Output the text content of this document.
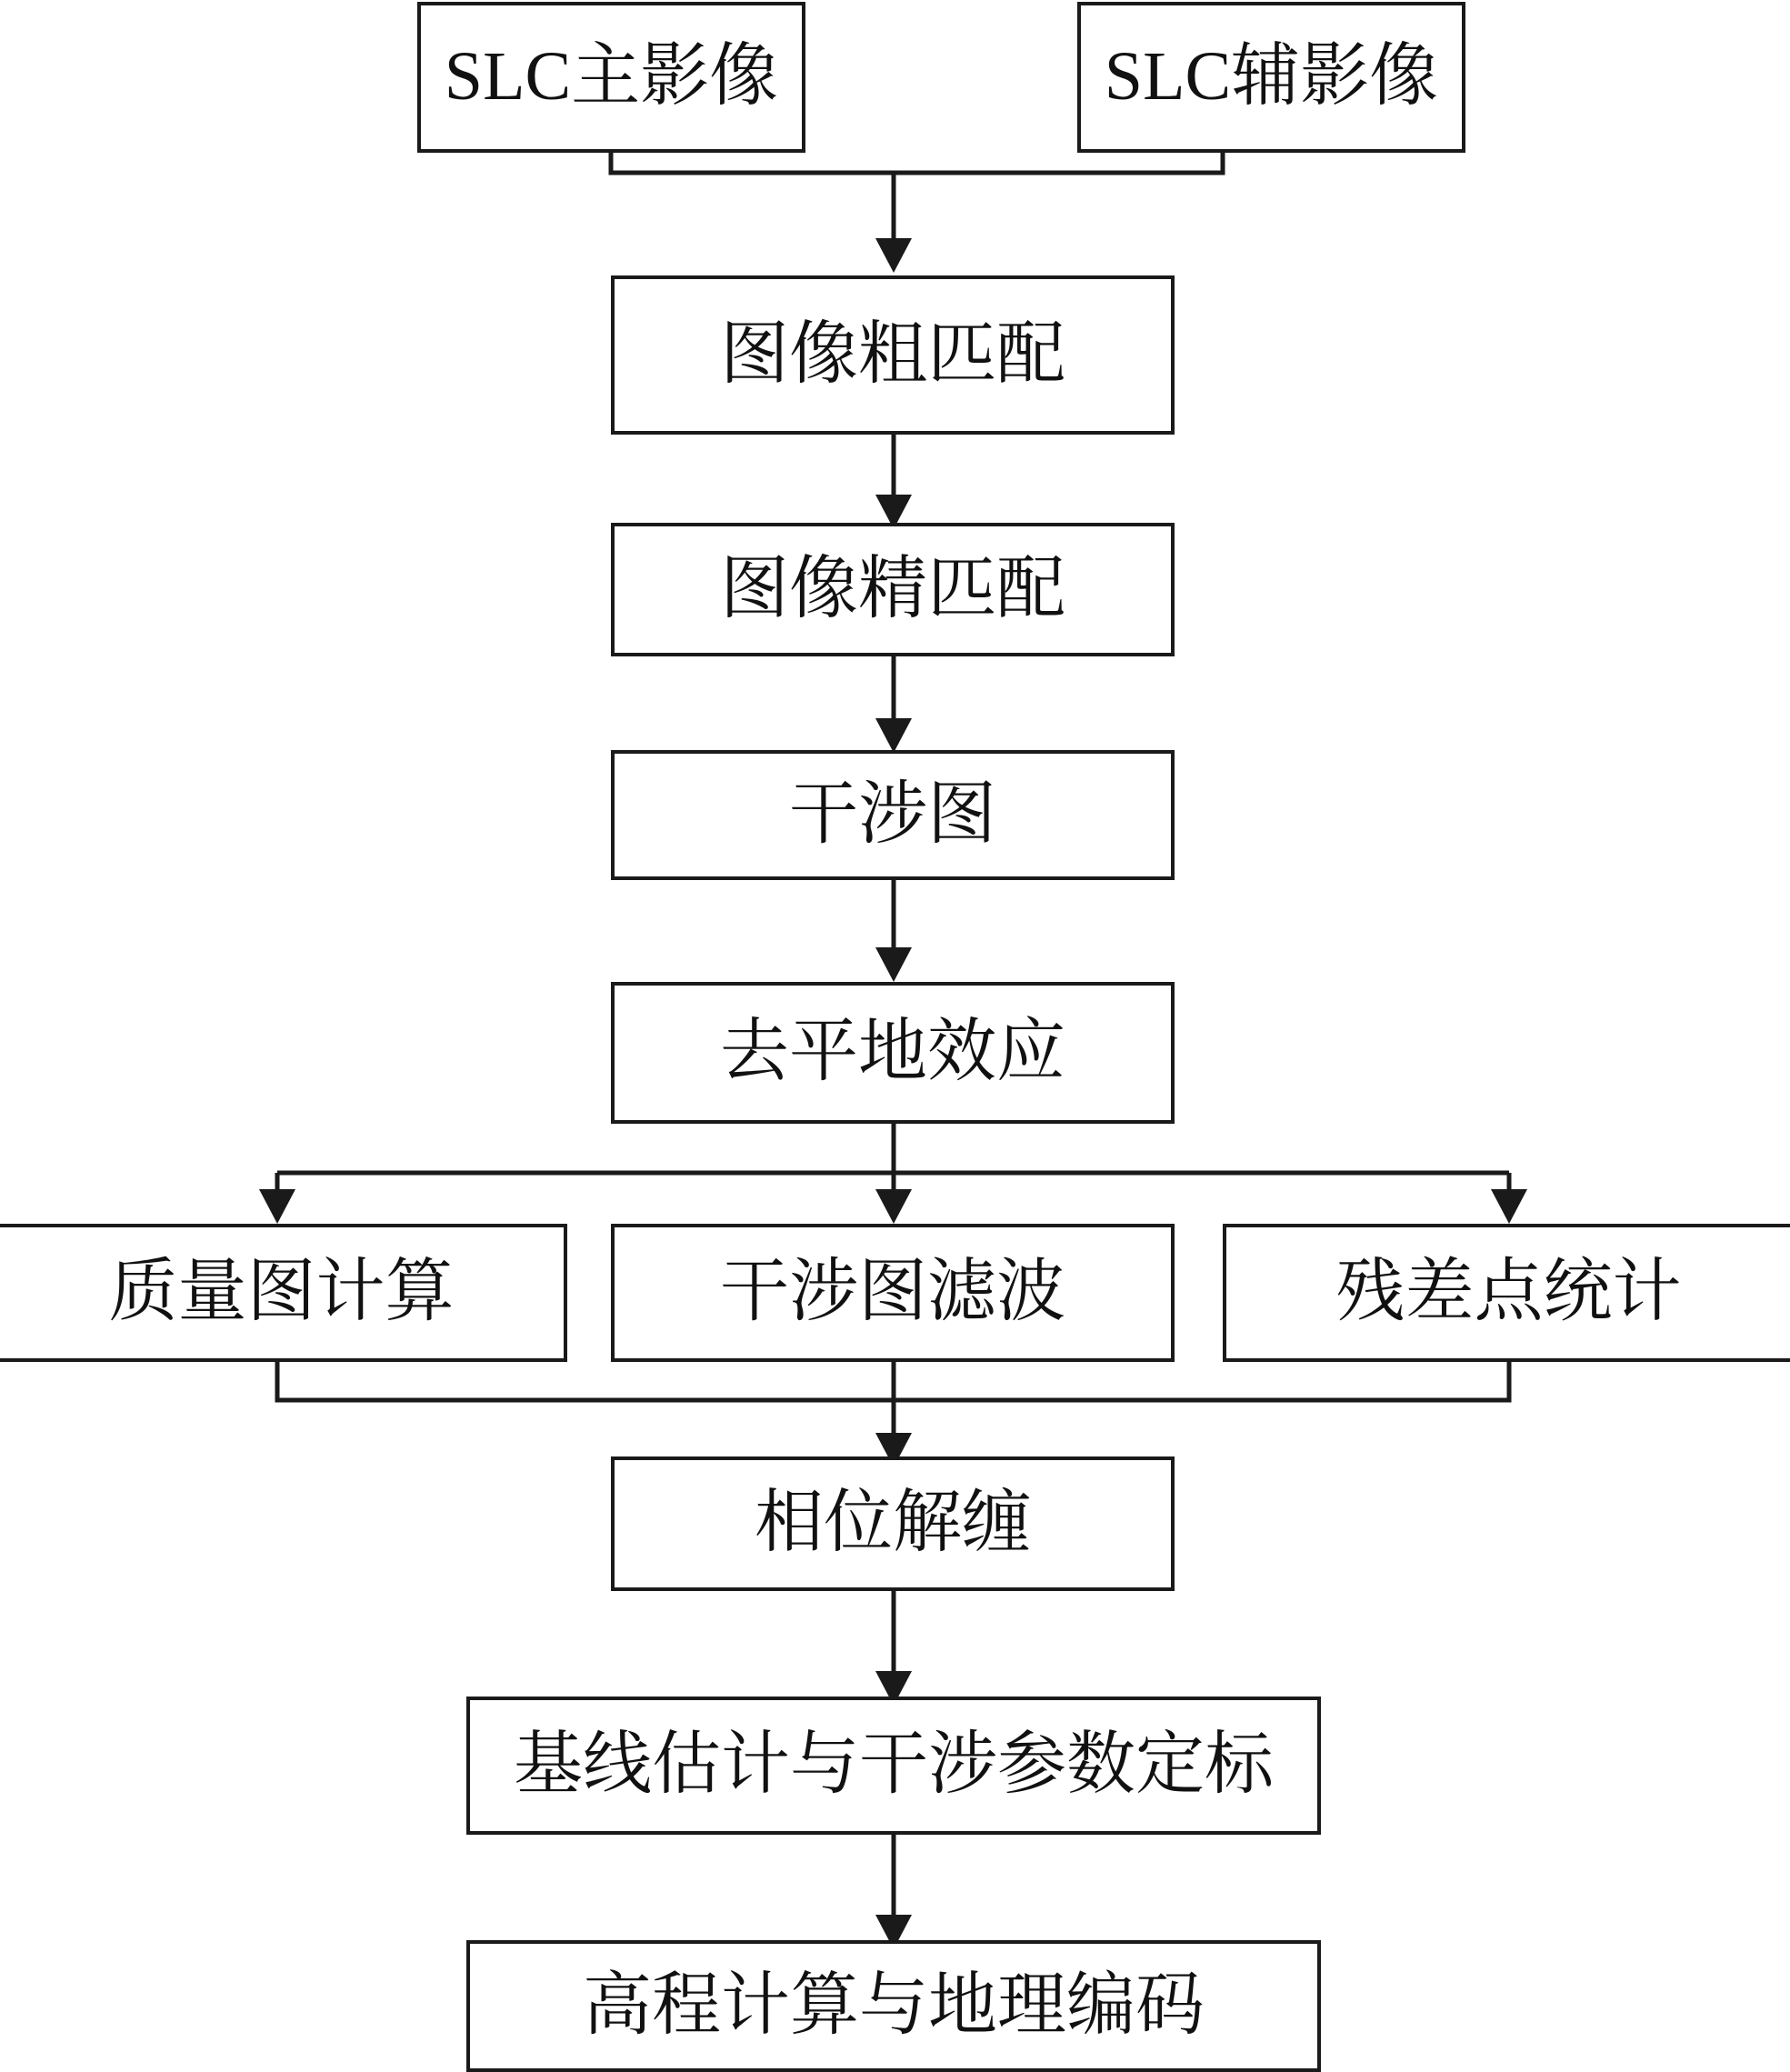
SLC主影像	SLC辅影像
图像粗匹配
图像精匹配
干涉图
去平地效应
质量图计算	干涉图滤波	残差点统计
相位解缠
基线估计与干涉参数定标
高程计算与地理编码
